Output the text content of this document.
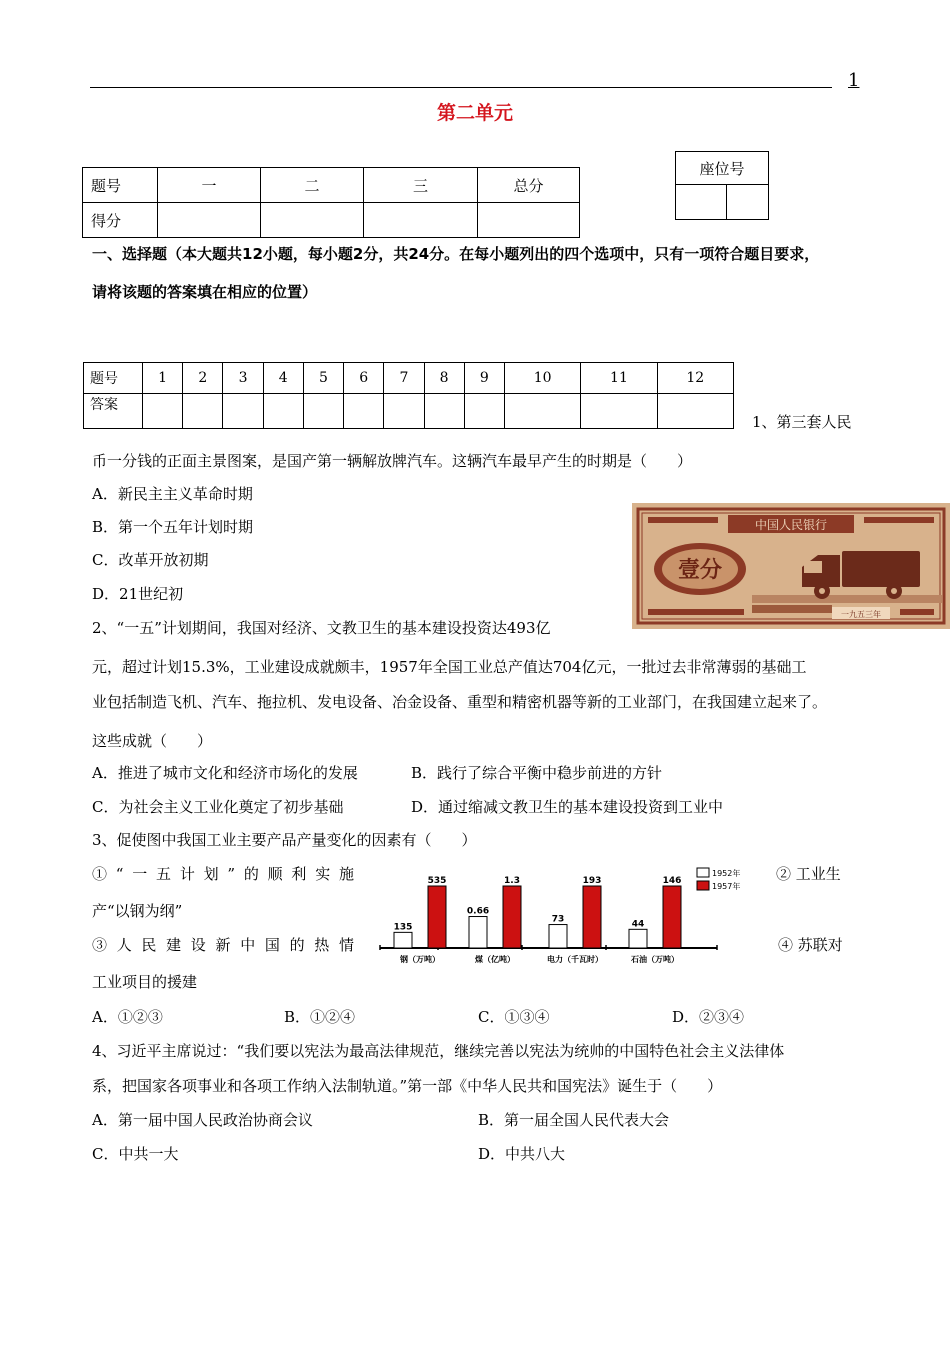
1
第二单元
题号	一	二	三	总分
得分				
座位号

一、选择题（本大题共12小题，每小题2分，共24分。在每小题列出的四个选项中，只有一项符合题目要求，
请将该题的答案填在相应的位置）
题号	1	2	3	4	5	6	7	8	9	10	11	12
答案												
1、第三套人民
币一分钱的正面主景图案，是国产第一辆解放牌汽车。这辆汽车最早产生的时期是（　　）
A．新民主主义革命时期
B．第一个五年计划时期
C．改革开放初期
D．21世纪初
中国人民银行
壹分
一九五三年
2、“一五”计划期间，我国对经济、文教卫生的基本建设投资达493亿
元，超过计划15.3%，工业建设成就颇丰，1957年全国工业总产值达704亿元，一批过去非常薄弱的基础工
业包括制造飞机、汽车、拖拉机、发电设备、冶金设备、重型和精密机器等新的工业部门，在我国建立起来了。
这些成就（　　）
A．推进了城市文化和经济市场化的发展	B．践行了综合平衡中稳步前进的方针
C．为社会主义工业化奠定了初步基础	D．通过缩减文教卫生的基本建设投资到工业中
3、促使图中我国工业主要产品产量变化的因素有（　　）
①“一五计划”的顺利实施	② 工业生
产“以钢为纲”
③人民建设新中国的热情	④ 苏联对
工业项目的援建
135
535
钢（万吨）
0.66
1.3
煤（亿吨）
73
193
电力（千瓦时）
44
146
石油（万吨）
1952年
1957年
A．①②③	B．①②④	C．①③④	D．②③④
4、习近平主席说过：“我们要以宪法为最高法律规范，继续完善以宪法为统帅的中国特色社会主义法律体
系，把国家各项事业和各项工作纳入法制轨道。”第一部《中华人民共和国宪法》诞生于（　　）
A．第一届中国人民政治协商会议	B．第一届全国人民代表大会
C．中共一大	D．中共八大
